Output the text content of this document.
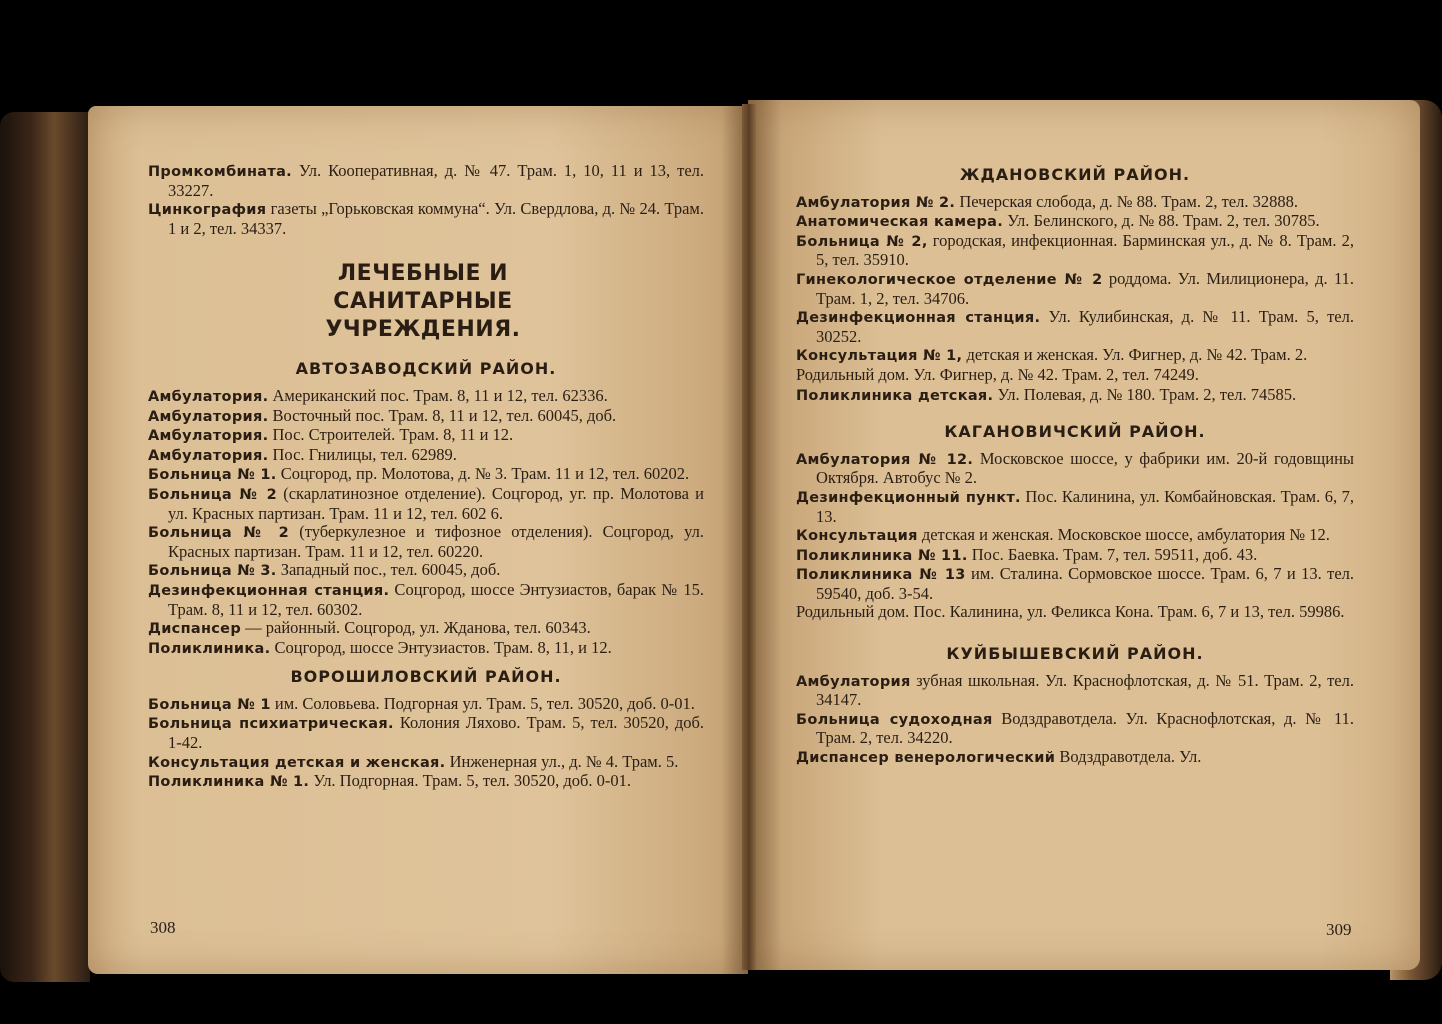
Промкомбината. Ул. Кооперативная, д. № 47. Трам. 1, 10, 11 и 13, тел. 33227.

Цинкография газеты „Горьковская коммуна“. Ул. Свердлова, д. № 24. Трам. 1 и 2, тел. 34337.

ЛЕЧЕБНЫЕ И САНИТАРНЫЕ УЧРЕЖДЕНИЯ.
АВТОЗАВОДСКИЙ РАЙОН.

Амбулатория. Американский пос. Трам. 8, 11 и 12, тел. 62336.

Амбулатория. Восточный пос. Трам. 8, 11 и 12, тел. 60045, доб.

Амбулатория. Пос. Строителей. Трам. 8, 11 и 12.

Амбулатория. Пос. Гнилицы, тел. 62989.

Больница № 1. Соцгород, пр. Молотова, д. № 3. Трам. 11 и 12, тел. 60202.

Больница № 2 (скарлатинозное отделение). Соцгород, уг. пр. Молотова и ул. Красных партизан. Трам. 11 и 12, тел. 602 6.

Больница № 2 (туберкулезное и тифозное отделения). Соцгород, ул. Красных партизан. Трам. 11 и 12, тел. 60220.

Больница № 3. Западный пос., тел. 60045, доб.

Дезинфекционная станция. Соцгород, шоссе Энтузиастов, барак № 15. Трам. 8, 11 и 12, тел. 60302.

Диспансер — районный. Соцгород, ул. Жданова, тел. 60343.

Поликлиника. Соцгород, шоссе Энтузиастов. Трам. 8, 11, и 12.

ВОРОШИЛОВСКИЙ РАЙОН.

Больница № 1 им. Соловьева. Подгорная ул. Трам. 5, тел. 30520, доб. 0-01.

Больница психиатрическая. Колония Ляхово. Трам. 5, тел. 30520, доб. 1-42.

Консультация детская и женская. Инженерная ул., д. № 4. Трам. 5.

Поликлиника № 1. Ул. Подгорная. Трам. 5, тел. 30520, доб. 0-01.

308
ЖДАНОВСКИЙ РАЙОН.

Амбулатория № 2. Печерская слобода, д. № 88. Трам. 2, тел. 32888.

Анатомическая камера. Ул. Белинского, д. № 88. Трам. 2, тел. 30785.

Больница № 2, городская, инфекционная. Барминская ул., д. № 8. Трам. 2, 5, тел. 35910.

Гинекологическое отделение № 2 роддома. Ул. Милиционера, д. 11. Трам. 1, 2, тел. 34706.

Дезинфекционная станция. Ул. Кулибинская, д. № 11. Трам. 5, тел. 30252.

Консультация № 1, детская и женская. Ул. Фигнер, д. № 42. Трам. 2.

Родильный дом. Ул. Фигнер, д. № 42. Трам. 2, тел. 74249.

Поликлиника детская. Ул. Полевая, д. № 180. Трам. 2, тел. 74585.

КАГАНОВИЧСКИЙ РАЙОН.

Амбулатория № 12. Московское шоссе, у фабрики им. 20-й годовщины Октября. Автобус № 2.

Дезинфекционный пункт. Пос. Калинина, ул. Комбайновская. Трам. 6, 7, 13.

Консультация детская и женская. Московское шоссе, амбулатория № 12.

Поликлиника № 11. Пос. Баевка. Трам. 7, тел. 59511, доб. 43.

Поликлиника № 13 им. Сталина. Сормовское шоссе. Трам. 6, 7 и 13. тел. 59540, доб. 3-54.

Родильный дом. Пос. Калинина, ул. Феликса Кона. Трам. 6, 7 и 13, тел. 59986.

КУЙБЫШЕВСКИЙ РАЙОН.

Амбулатория зубная школьная. Ул. Краснофлотская, д. № 51. Трам. 2, тел. 34147.

Больница судоходная Водздравотдела. Ул. Краснофлотская, д. № 11. Трам. 2, тел. 34220.

Диспансер венерологический Водздравотдела. Ул.

309
